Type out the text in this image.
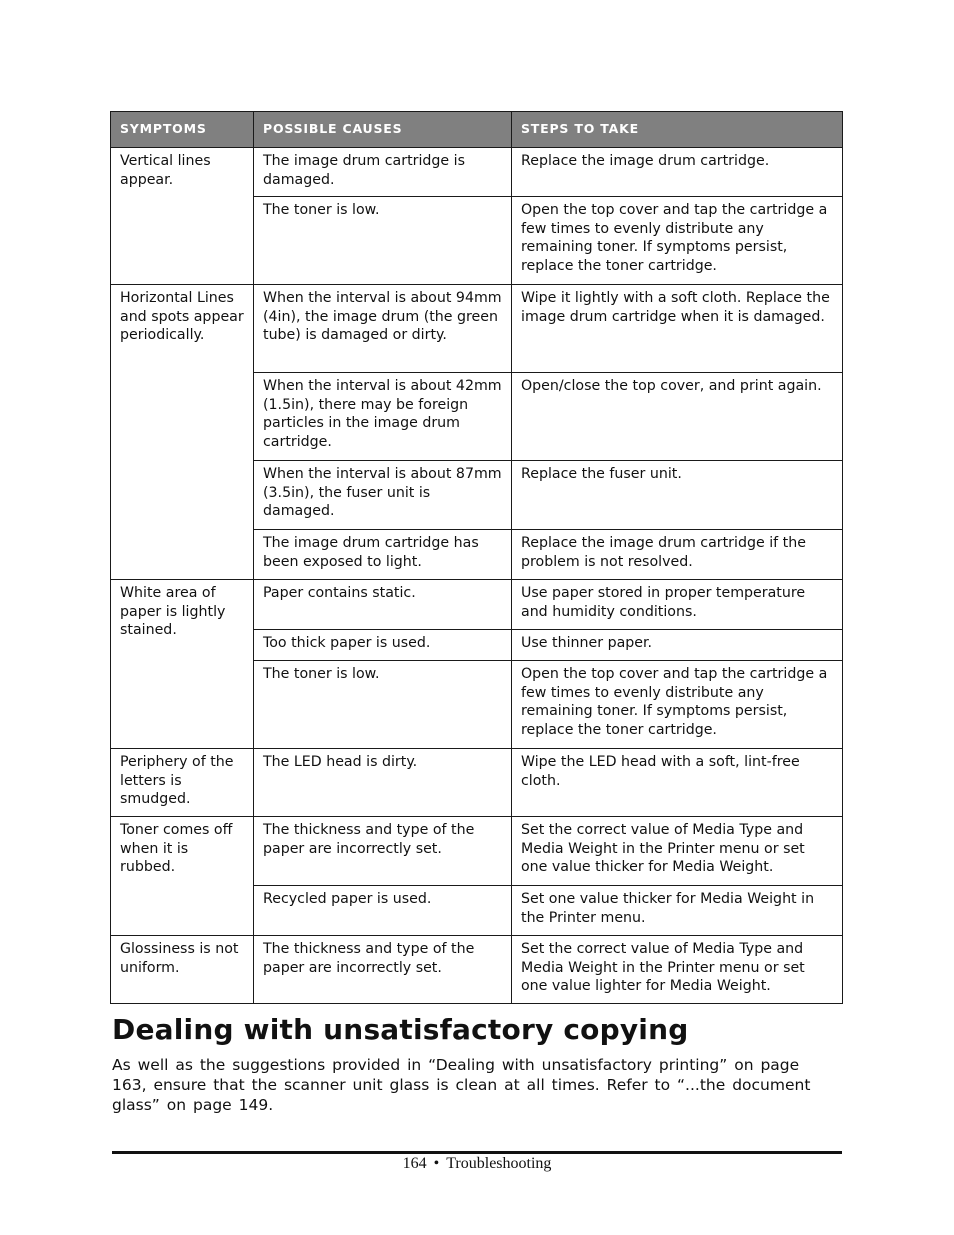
SYMPTOMS	POSSIBLE CAUSES	STEPS TO TAKE
Vertical lines appear.	The image drum cartridge is damaged.	Replace the image drum cartridge.
	The toner is low.	Open the top cover and tap the cartridge a few times to evenly distribute any remaining toner. If symptoms persist, replace the toner cartridge.
Horizontal Lines and spots appear periodically.	When the interval is about 94mm (4in), the image drum (the green tube) is damaged or dirty.	Wipe it lightly with a soft cloth. Replace the image drum cartridge when it is damaged.
	When the interval is about 42mm (1.5in), there may be foreign particles in the image drum cartridge.	Open/close the top cover, and print again.
	When the interval is about 87mm (3.5in), the fuser unit is damaged.	Replace the fuser unit.
	The image drum cartridge has been exposed to light.	Replace the image drum cartridge if the problem is not resolved.
White area of paper is lightly stained.	Paper contains static.	Use paper stored in proper temperature and humidity conditions.
	Too thick paper is used.	Use thinner paper.
	The toner is low.	Open the top cover and tap the cartridge a few times to evenly distribute any remaining toner. If symptoms persist, replace the toner cartridge.
Periphery of the letters is smudged.	The LED head is dirty.	Wipe the LED head with a soft, lint-free cloth.
Toner comes off when it is rubbed.	The thickness and type of the paper are incorrectly set.	Set the correct value of Media Type and Media Weight in the Printer menu or set one value thicker for Media Weight.
	Recycled paper is used.	Set one value thicker for Media Weight in the Printer menu.
Glossiness is not uniform.	The thickness and type of the paper are incorrectly set.	Set the correct value of Media Type and Media Weight in the Printer menu or set one value lighter for Media Weight.
Dealing with unsatisfactory copying

As well as the suggestions provided in “Dealing with unsatisfactory printing” on page 163, ensure that the scanner unit glass is clean at all times. Refer to “...the document glass” on page 149.

164 • Troubleshooting
